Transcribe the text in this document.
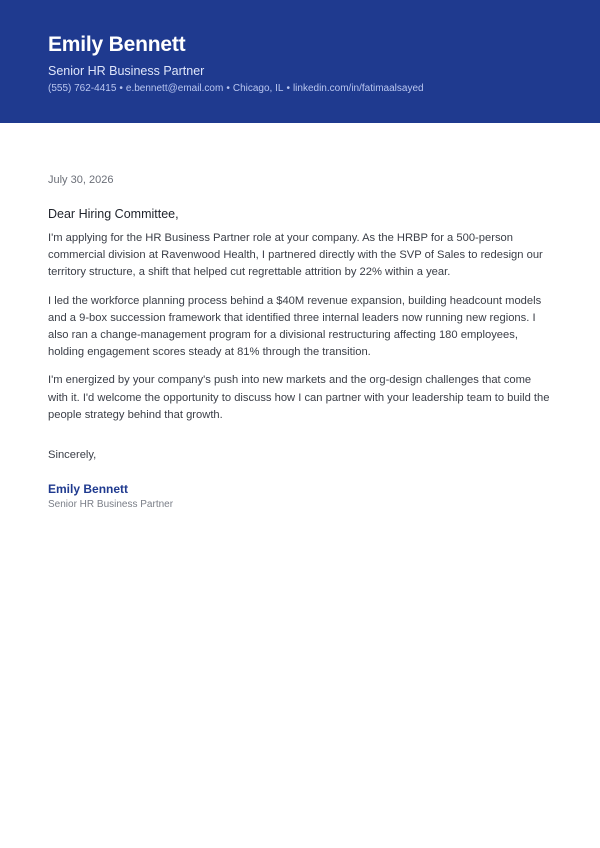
Emily Bennett
Senior HR Business Partner
(555) 762-4415 • e.bennett@email.com • Chicago, IL • linkedin.com/in/fatimaalsayed
July 30, 2026
Dear Hiring Committee,

I'm applying for the HR Business Partner role at your company. As the HRBP for a 500-person commercial division at Ravenwood Health, I partnered directly with the SVP of Sales to redesign our territory structure, a shift that helped cut regrettable attrition by 22% within a year.

I led the workforce planning process behind a $40M revenue expansion, building headcount models and a 9-box succession framework that identified three internal leaders now running new regions. I also ran a change-management program for a divisional restructuring affecting 180 employees, holding engagement scores steady at 81% through the transition.

I'm energized by your company's push into new markets and the org-design challenges that come with it. I'd welcome the opportunity to discuss how I can partner with your leadership team to build the people strategy behind that growth.

Sincerely,
Emily Bennett
Senior HR Business Partner
